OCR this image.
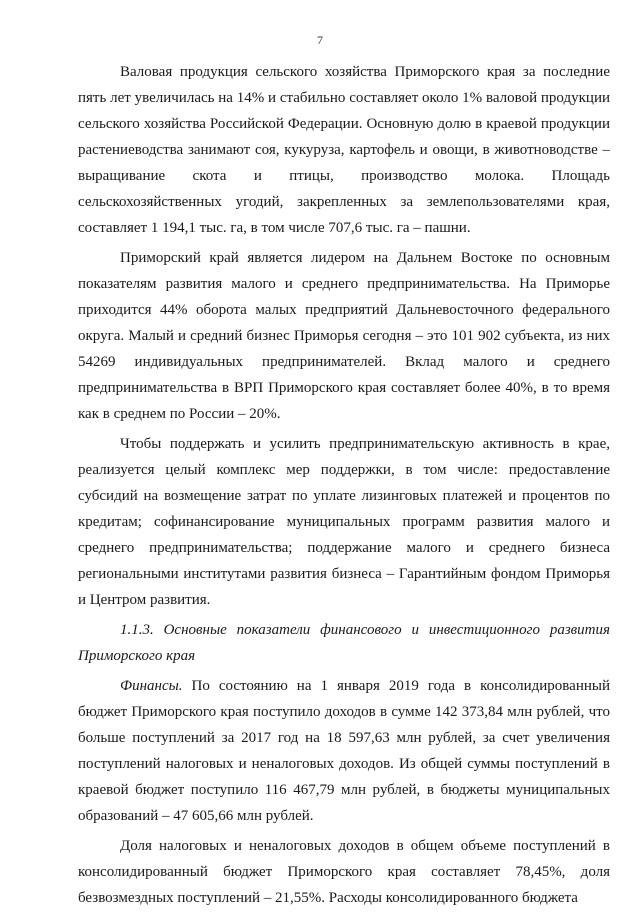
7

Валовая продукция сельского хозяйства Приморского края за последние пять лет увеличилась на 14% и стабильно составляет около 1% валовой продукции сельского хозяйства Российской Федерации. Основную долю в краевой продукции растениеводства занимают соя, кукуруза, картофель и овощи, в животноводстве – выращивание скота и птицы, производство молока. Площадь сельскохозяйственных угодий, закрепленных за землепользователями края, составляет 1 194,1 тыс. га, в том числе 707,6 тыс. га – пашни.

Приморский край является лидером на Дальнем Востоке по основным показателям развития малого и среднего предпринимательства. На Приморье приходится 44% оборота малых предприятий Дальневосточного федерального округа. Малый и средний бизнес Приморья сегодня – это 101 902 субъекта, из них 54269 индивидуальных предпринимателей. Вклад малого и среднего предпринимательства в ВРП Приморского края составляет более 40%, в то время как в среднем по России – 20%.

Чтобы поддержать и усилить предпринимательскую активность в крае, реализуется целый комплекс мер поддержки, в том числе: предоставление субсидий на возмещение затрат по уплате лизинговых платежей и процентов по кредитам; софинансирование муниципальных программ развития малого и среднего предпринимательства; поддержание малого и среднего бизнеса региональными институтами развития бизнеса – Гарантийным фондом Приморья и Центром развития.

1.1.3. Основные показатели финансового и инвестиционного развития Приморского края

Финансы. По состоянию на 1 января 2019 года в консолидированный бюджет Приморского края поступило доходов в сумме 142 373,84 млн рублей, что больше поступлений за 2017 год на 18 597,63 млн рублей, за счет увеличения поступлений налоговых и неналоговых доходов. Из общей суммы поступлений в краевой бюджет поступило 116 467,79 млн рублей, в бюджеты муниципальных образований – 47 605,66 млн рублей.

Доля налоговых и неналоговых доходов в общем объеме поступлений в консолидированный бюджет Приморского края составляет 78,45%, доля безвозмездных поступлений – 21,55%. Расходы консолидированного бюджета
